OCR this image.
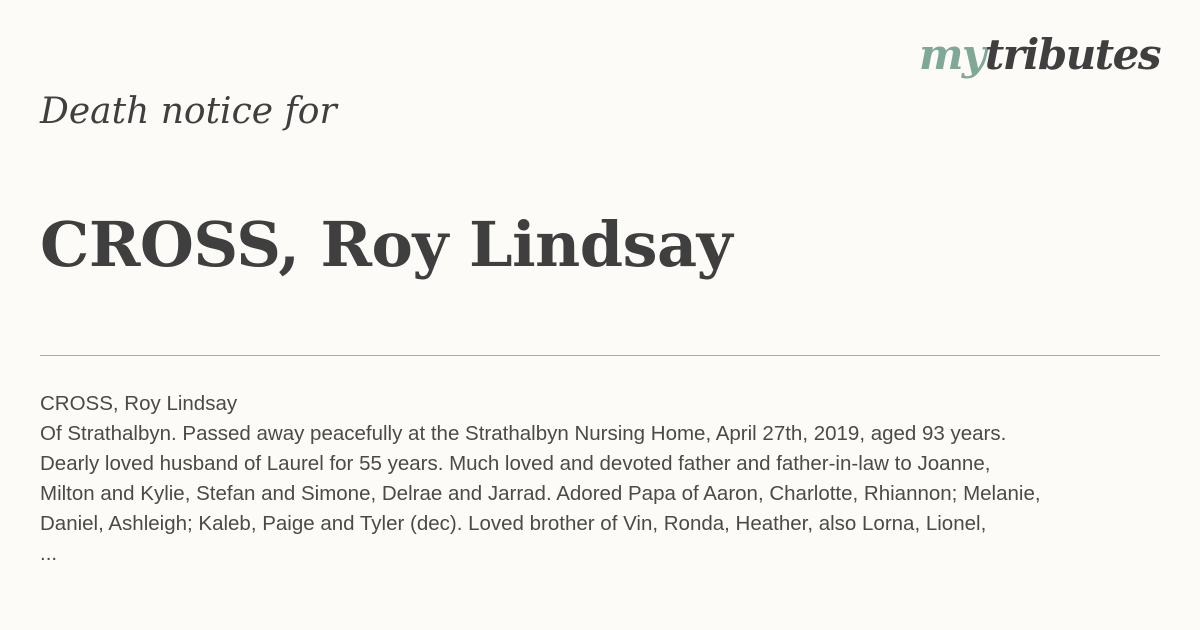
mytributes
Death notice for
CROSS, Roy Lindsay
CROSS, Roy Lindsay
Of Strathalbyn. Passed away peacefully at the Strathalbyn Nursing Home, April 27th, 2019, aged 93 years.
Dearly loved husband of Laurel for 55 years. Much loved and devoted father and father-in-law to Joanne,
Milton and Kylie, Stefan and Simone, Delrae and Jarrad. Adored Papa of Aaron, Charlotte, Rhiannon; Melanie,
Daniel, Ashleigh; Kaleb, Paige and Tyler (dec). Loved brother of Vin, Ronda, Heather, also Lorna, Lionel,
...
